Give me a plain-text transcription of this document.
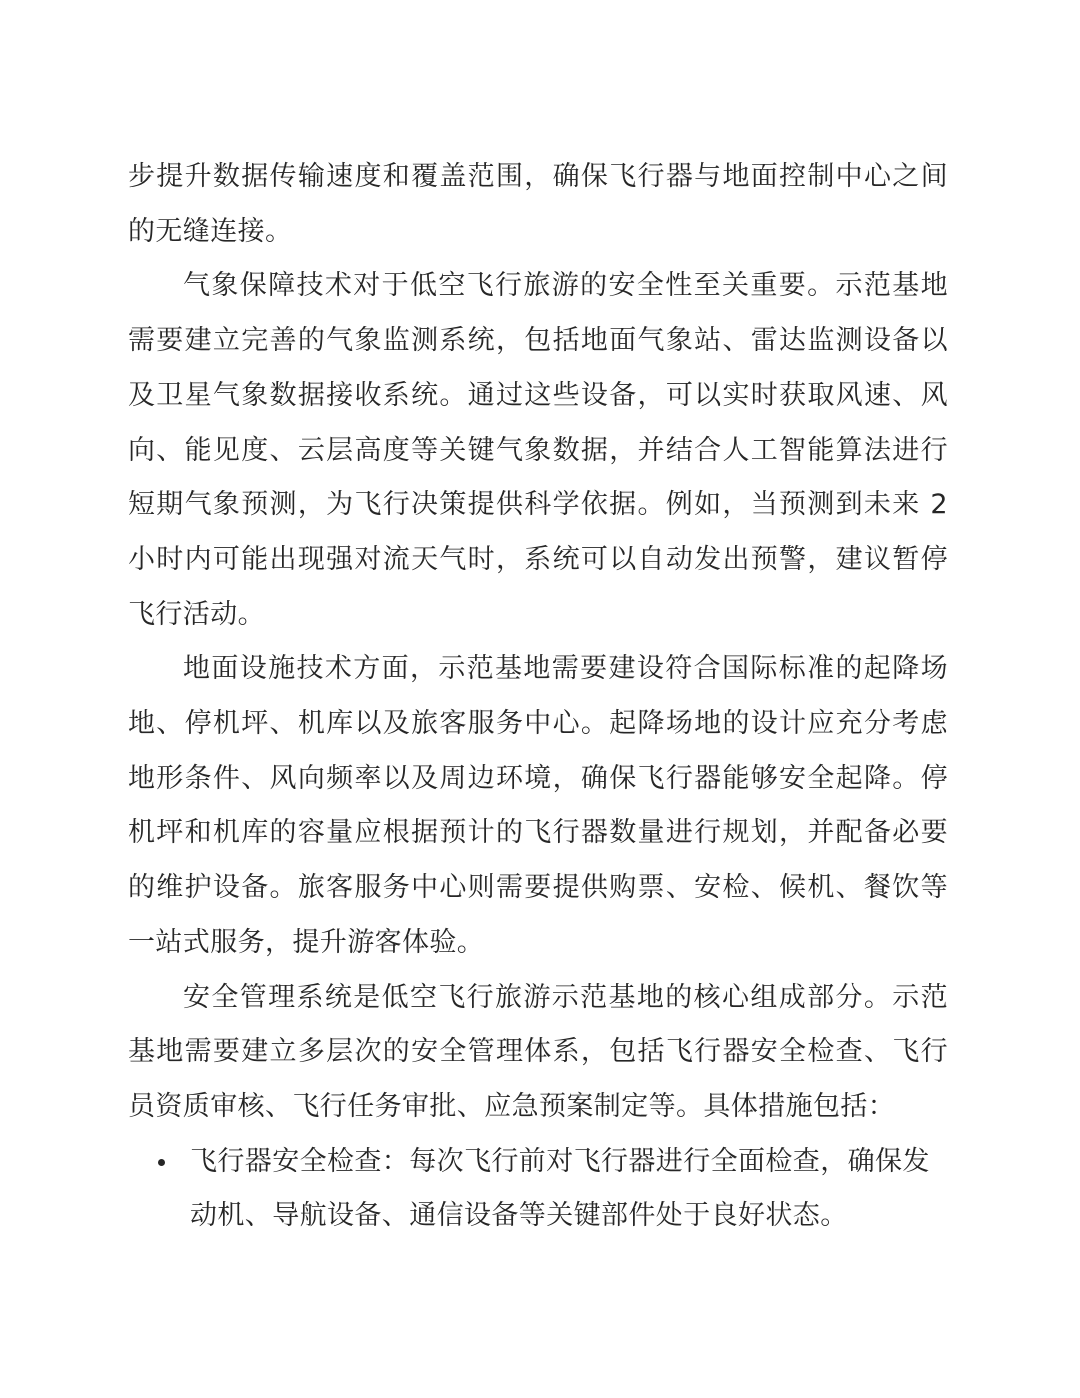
步提升数据传输速度和覆盖范围，确保飞行器与地面控制中心之间的无缝连接。

气象保障技术对于低空飞行旅游的安全性至关重要。示范基地需要建立完善的气象监测系统，包括地面气象站、雷达监测设备以及卫星气象数据接收系统。通过这些设备，可以实时获取风速、风向、能见度、云层高度等关键气象数据，并结合人工智能算法进行短期气象预测，为飞行决策提供科学依据。例如，当预测到未来 2 小时内可能出现强对流天气时，系统可以自动发出预警，建议暂停飞行活动。

地面设施技术方面，示范基地需要建设符合国际标准的起降场地、停机坪、机库以及旅客服务中心。起降场地的设计应充分考虑地形条件、风向频率以及周边环境，确保飞行器能够安全起降。停机坪和机库的容量应根据预计的飞行器数量进行规划，并配备必要的维护设备。旅客服务中心则需要提供购票、安检、候机、餐饮等一站式服务，提升游客体验。

安全管理系统是低空飞行旅游示范基地的核心组成部分。示范基地需要建立多层次的安全管理体系，包括飞行器安全检查、飞行员资质审核、飞行任务审批、应急预案制定等。具体措施包括：

飞行器安全检查：每次飞行前对飞行器进行全面检查，确保发动机、导航设备、通信设备等关键部件处于良好状态。
